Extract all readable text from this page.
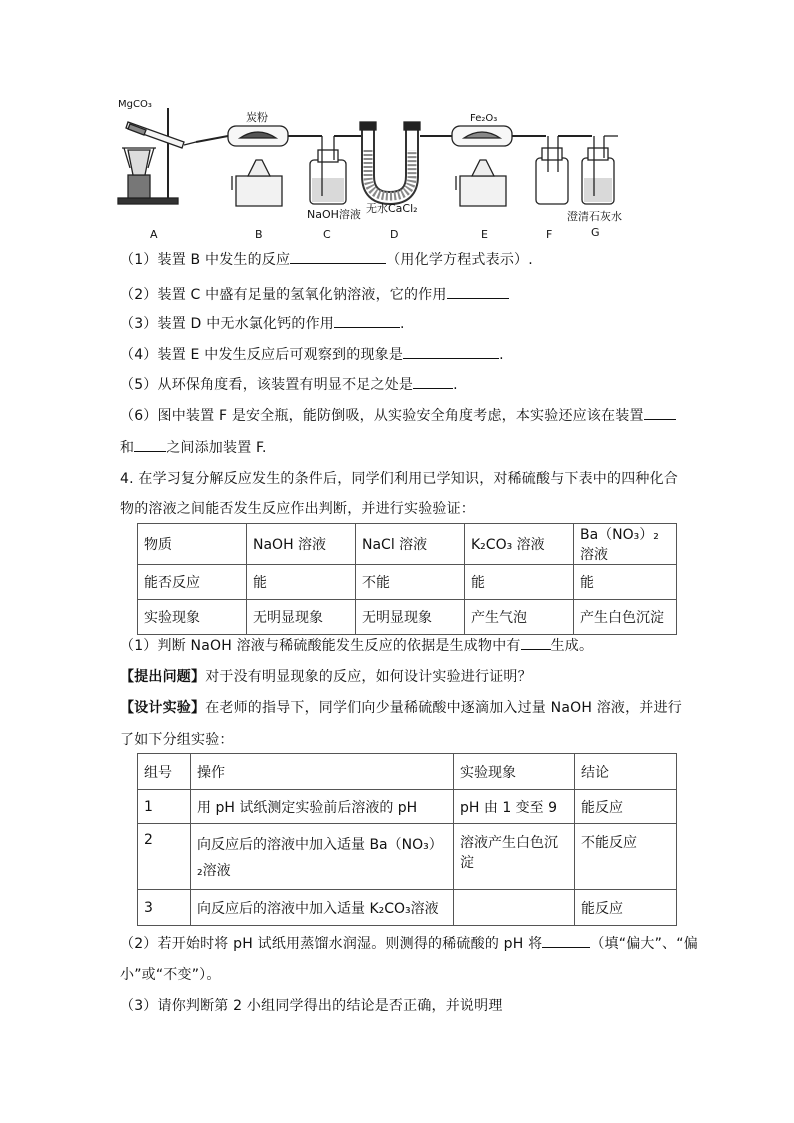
MgCO₃
炭粉	Fe₂O₃
NaOH溶液 无水CaCl₂
澄清石灰水
A	B	C	D	E	F	G
（1）装置 B 中发生的反应	（用化学方程式表示）.
（2）装置 C 中盛有足量的氢氧化钠溶液，它的作用
（3）装置 D 中无水氯化钙的作用	.
（4）装置 E 中发生反应后可观察到的现象是	.
（5）从环保角度看，该装置有明显不足之处是	.
（6）图中装置 F 是安全瓶，能防倒吸，从实验安全角度考虑，本实验还应该在装置
和 之间添加装置 F.
4. 在学习复分解反应发生的条件后，同学们利用已学知识，对稀硫酸与下表中的四种化合
物的溶液之间能否发生反应作出判断，并进行实验验证：
物质	NaOH 溶液	NaCl 溶液	K₂CO₃ 溶液	Ba（NO₃）₂溶液
能否反应	能	不能	能	能
实验现象	无明显现象	无明显现象	产生气泡	产生白色沉淀
（1）判断 NaOH 溶液与稀硫酸能发生反应的依据是生成物中有 生成。
【提出问题】对于没有明显现象的反应，如何设计实验进行证明？
【设计实验】在老师的指导下，同学们向少量稀硫酸中逐滴加入过量 NaOH 溶液，并进行
了如下分组实验：
组号	操作	实验现象	结论
1	用 pH 试纸测定实验前后溶液的 pH	pH 由 1 变至 9	能反应
2	向反应后的溶液中加入适量 Ba（NO₃）₂溶液	溶液产生白色沉淀	不能反应
3	向反应后的溶液中加入适量 K₂CO₃溶液		能反应
（2）若开始时将 pH 试纸用蒸馏水润湿。则测得的稀硫酸的 pH 将	（填“偏大”、“偏
小”或“不变”）。
（3）请你判断第 2 小组同学得出的结论是否正确，并说明理
